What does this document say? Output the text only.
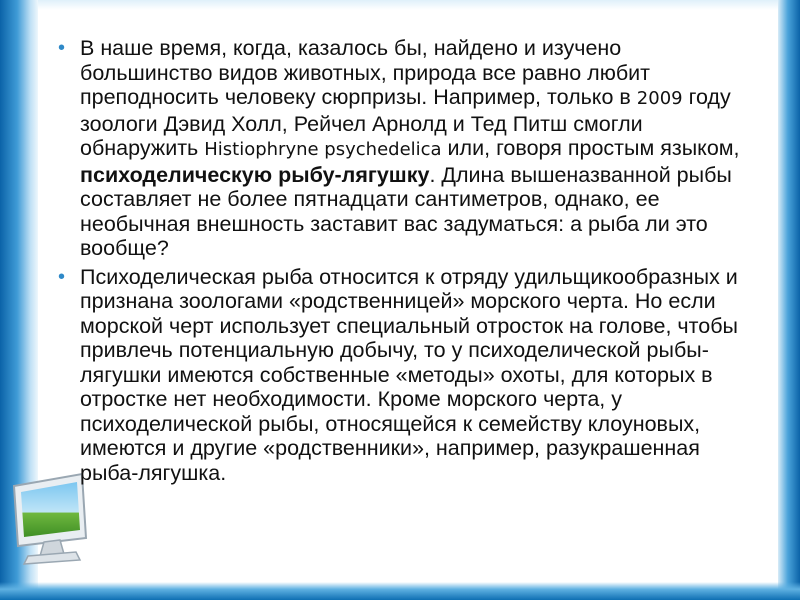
• В наше время, когда, казалось бы, найдено и изучено большинство видов животных, природа все равно любит преподносить человеку сюрпризы. Например, только в 2009 году зоологи Дэвид Холл, Рейчел Арнолд и Тед Питш смогли обнаружить Histiophryne psychedelica или, говоря простым языком, психоделическую рыбу-лягушку. Длина вышеназванной рыбы составляет не более пятнадцати сантиметров, однако, ее необычная внешность заставит вас задуматься: а рыба ли это вообще?
• Психоделическая рыба относится к отряду удильщикообразных и признана зоологами «родственницей» морского черта. Но если морской черт использует специальный отросток на голове, чтобы привлечь потенциальную добычу, то у психоделической рыбы-лягушки имеются собственные «методы» охоты, для которых в отростке нет необходимости. Кроме морского черта, у психоделической рыбы, относящейся к семейству клоуновых, имеются и другие «родственники», например, разукрашенная рыба-лягушка.
